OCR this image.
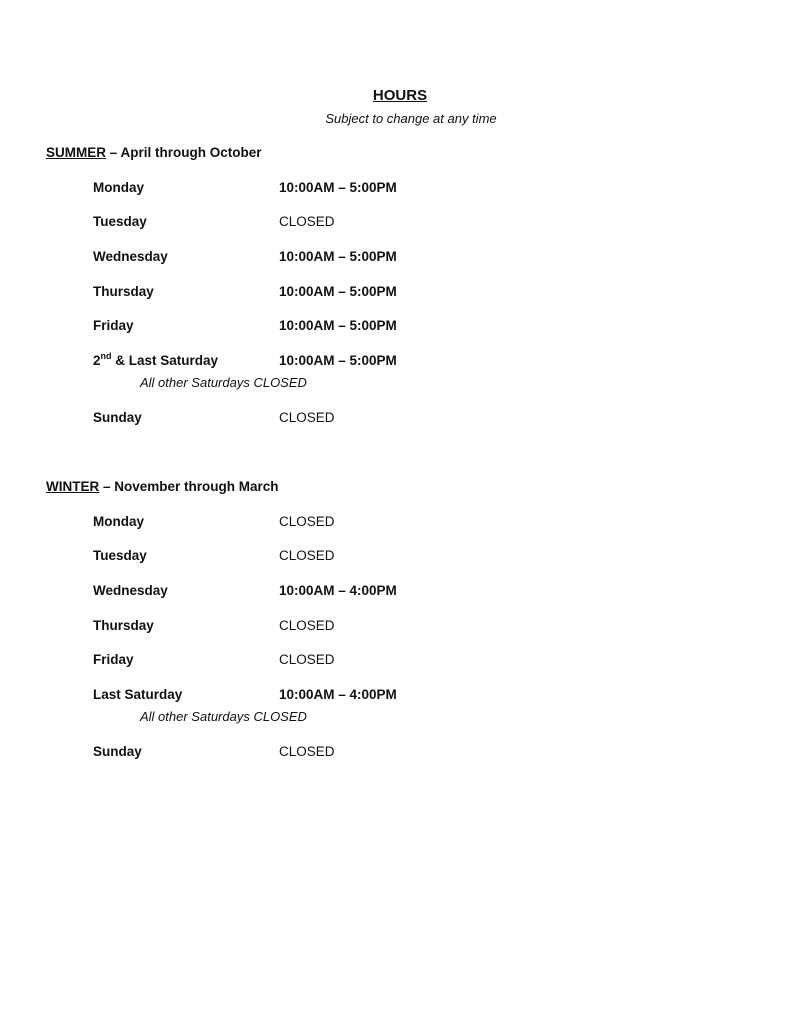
HOURS
Subject to change at any time
SUMMER – April through October
Monday	10:00AM – 5:00PM
Tuesday	CLOSED
Wednesday	10:00AM – 5:00PM
Thursday	10:00AM – 5:00PM
Friday	10:00AM – 5:00PM
2nd & Last Saturday	10:00AM – 5:00PM
All other Saturdays CLOSED
Sunday	CLOSED
WINTER – November through March
Monday	CLOSED
Tuesday	CLOSED
Wednesday	10:00AM – 4:00PM
Thursday	CLOSED
Friday	CLOSED
Last Saturday	10:00AM – 4:00PM
All other Saturdays CLOSED
Sunday	CLOSED
